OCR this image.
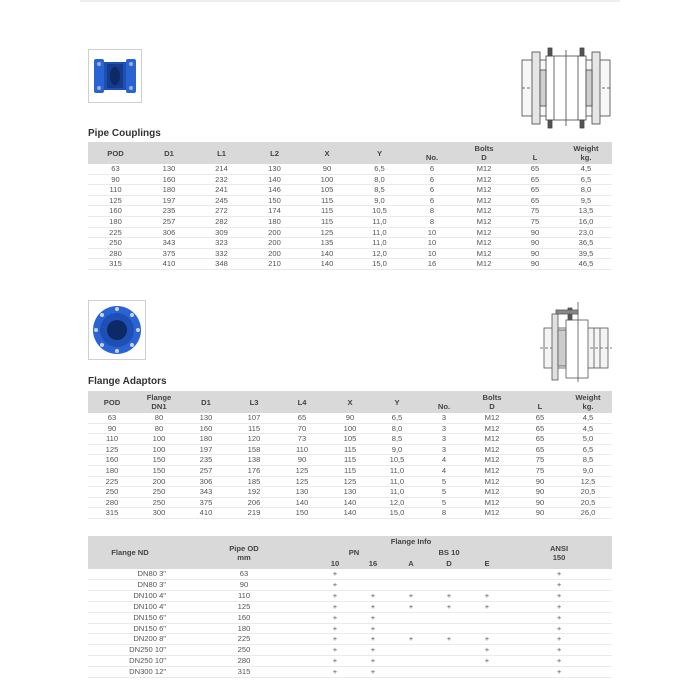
Pipe Couplings
POD	D1	L1	L2	X	Y	No.	Bolts
D	L	Weight
kg.
63	130	214	130	90	6,5	6	M12	65	4,5
90	160	232	140	100	8,0	6	M12	65	6,5
110	180	241	146	105	8,5	6	M12	65	8,0
125	197	245	150	115	9,0	6	M12	65	9,5
160	235	272	174	115	10,5	8	M12	75	13,5
180	257	282	180	115	11,0	8	M12	75	16,0
225	306	309	200	125	11,0	10	M12	90	23,0
250	343	323	200	135	11,0	10	M12	90	36,5
280	375	332	200	140	12,0	10	M12	90	39,5
315	410	348	210	140	15,0	16	M12	90	46,5
Flange Adaptors
POD	Flange
DN1	D1	L3	L4	X	Y	No.	Bolts
D	L	Weight
kg.
63	80	130	107	65	90	6,5	3	M12	65	4,5
90	80	160	115	70	100	8,0	3	M12	65	4,5
110	100	180	120	73	105	8,5	3	M12	65	5,0
125	100	197	158	110	115	9,0	3	M12	65	6,5
160	150	235	138	90	115	10,5	4	M12	75	8,5
180	150	257	176	125	115	11,0	4	M12	75	9,0
225	200	306	185	125	125	11,0	5	M12	90	12,5
250	250	343	192	130	130	11,0	5	M12	90	20,5
280	250	375	206	140	140	12,0	5	M12	90	20,5
315	300	410	219	150	140	15,0	8	M12	90	26,0
Flange ND	Pipe OD
mm	Flange Info					ANSI
150
		PN		BS 10			
		10	16	A	D	E	
DN80 3"	63	+					+
DN80 3"	90	+					+
DN100 4"	110	+	+	+	+	+	+
DN100 4"	125	+	+	+	+	+	+
DN150 6"	160	+	+				+
DN150 6"	180	+	+				+
DN200 8"	225	+	+	+	+	+	+
DN250 10"	250	+	+			+	+
DN250 10"	280	+	+			+	+
DN300 12"	315	+	+				+
